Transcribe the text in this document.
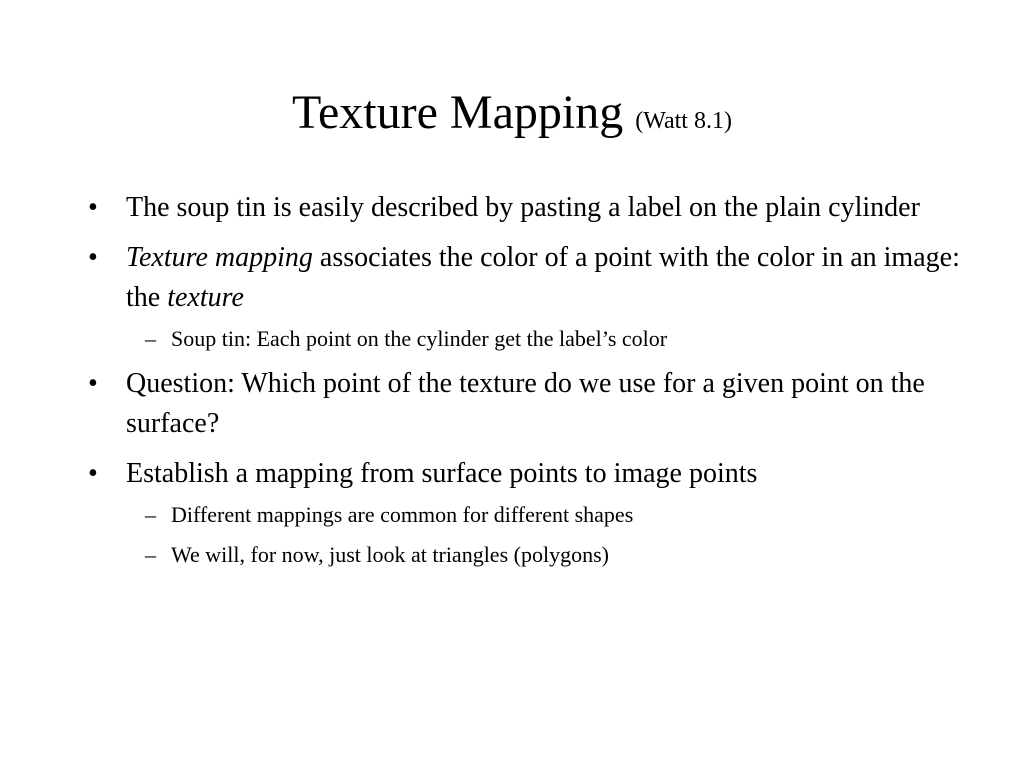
Texture Mapping (Watt 8.1)
• The soup tin is easily described by pasting a label on the plain cylinder
• Texture mapping associates the color of a point with the color in an image: the texture
– Soup tin: Each point on the cylinder get the label’s color
• Question: Which point of the texture do we use for a given point on the surface?
• Establish a mapping from surface points to image points
– Different mappings are common for different shapes
– We will, for now, just look at triangles (polygons)
